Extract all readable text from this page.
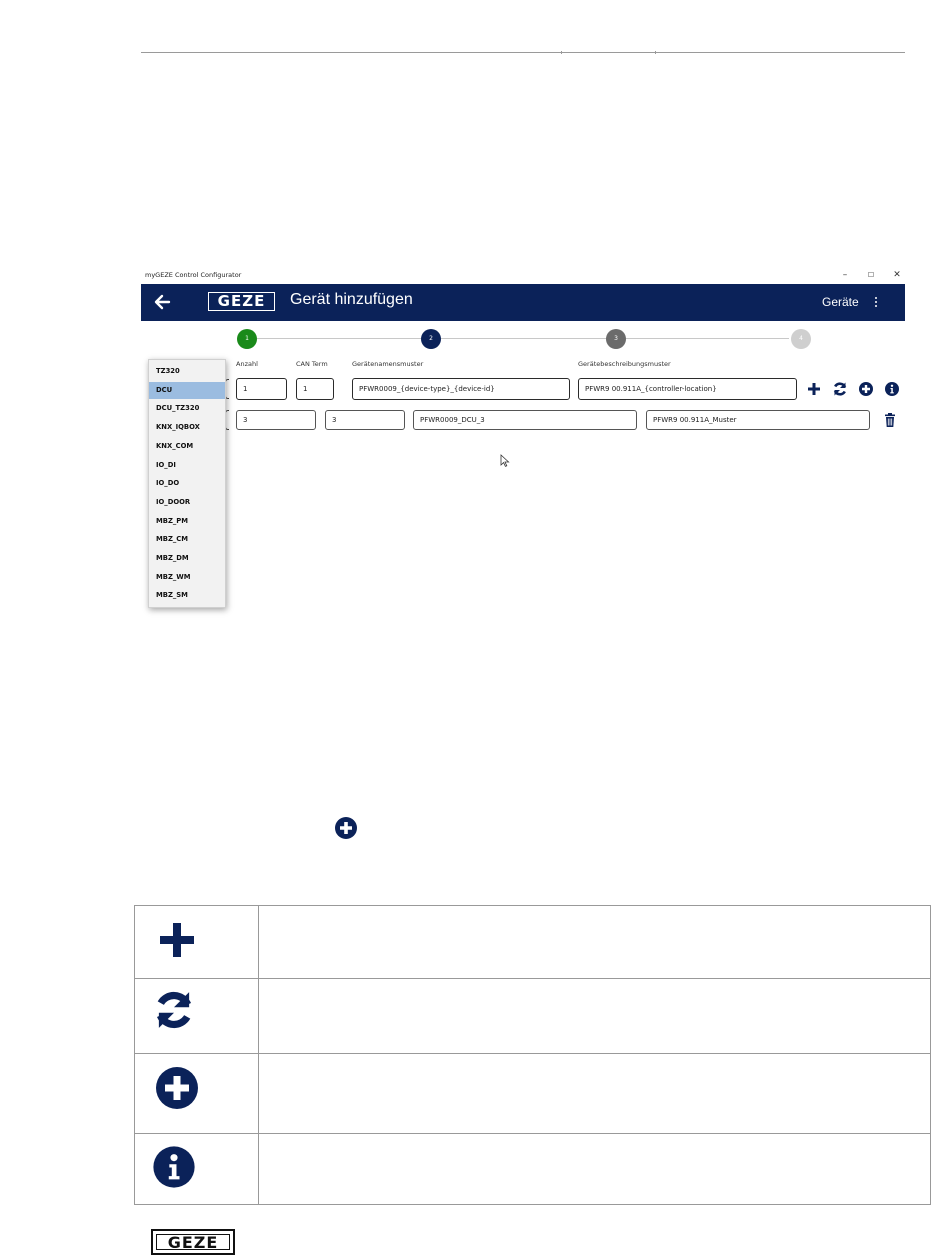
myGEZE Control Configurator	–	☐	✕
GEZE	Gerät hinzufügen	Geräte
1	2	3	4
Anzahl	CAN Term	Gerätenamensmuster	Gerätebeschreibungsmuster
1	1	PFWR0009_{device-type}_{device-id}	PFWR9 00.911A_{controller-location}
3	3	PFWR0009_DCU_3	PFWR9 00.911A_Muster
TZ320
DCU
DCU_TZ320
KNX_IQBOX
KNX_COM
IO_DI
IO_DO
IO_DOOR
MBZ_PM
MBZ_CM
MBZ_DM
MBZ_WM
MBZ_SM
GEZE
